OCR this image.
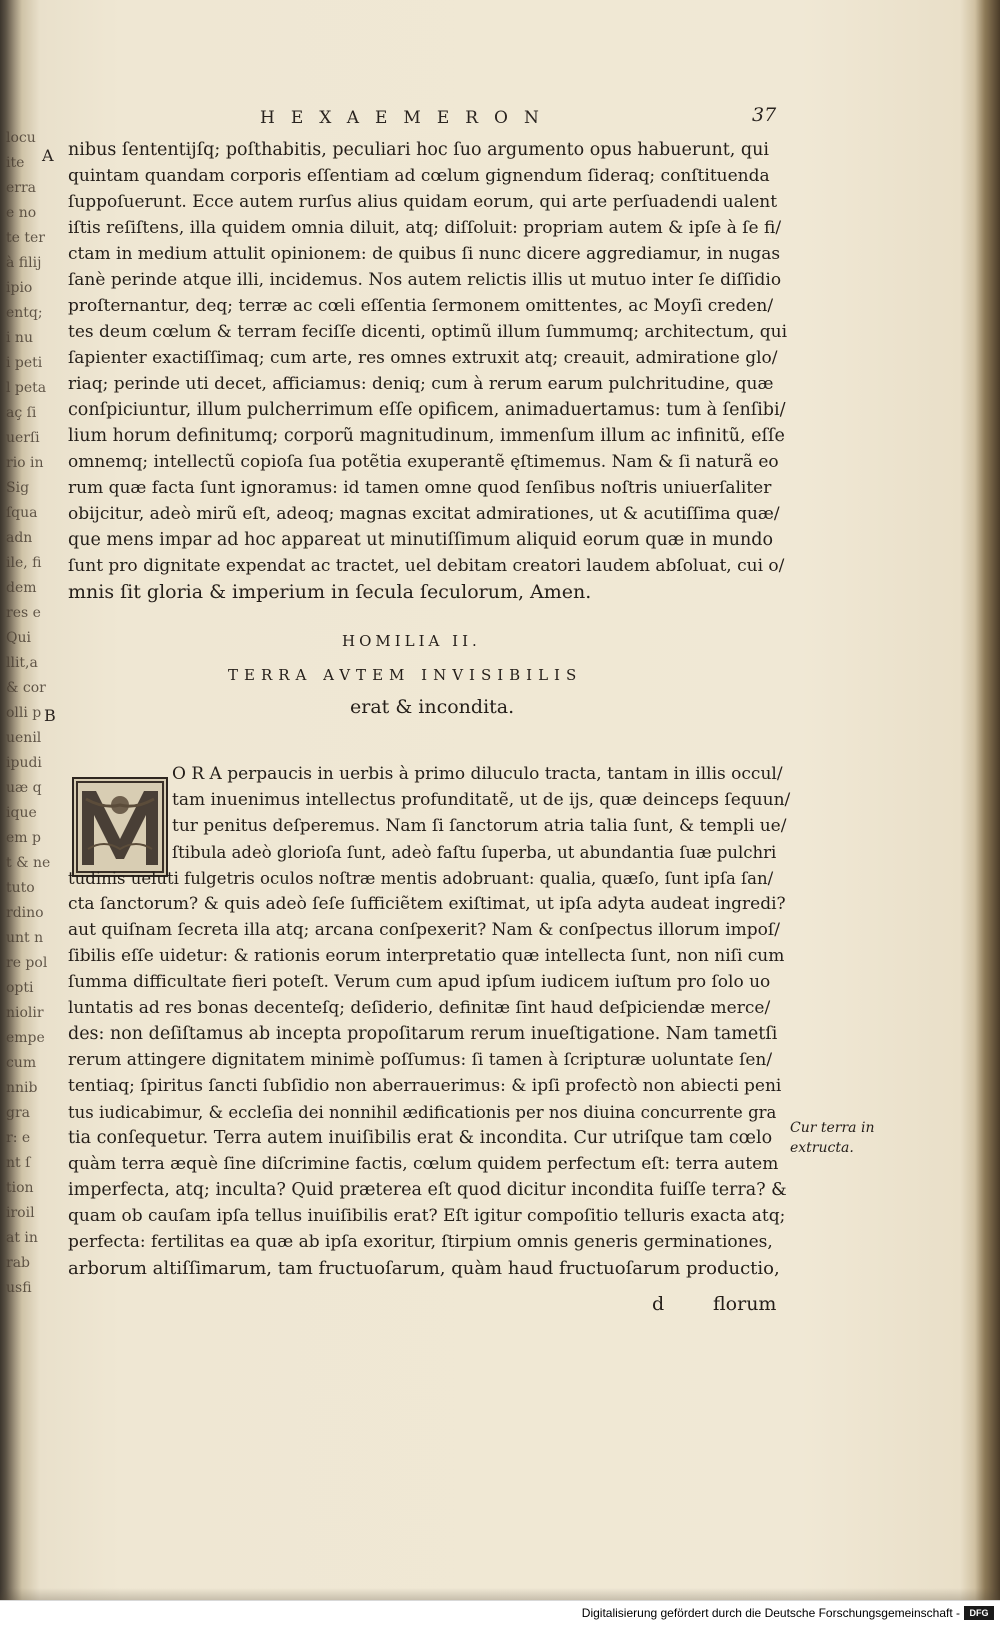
locu
ite
erra
e no
te ter
à filij
ipio
entq;
i nu
i peti
l peta
aç ſi
uerſi
rio in
Sig
ſqua
adn
ile, fi
dem
res e
Qui
llit,a
& cor
olli p
uenil
ipudi
uæ q
ique
em p
t & ne
tuto
rdino
unt n
re pol
opti
niolir
empe
cum
nnib
gra
r: e
nt ſ
tion
iroil
at in
rab
usfi
HEXAEMERON	37
A nibus ſententijſq; poſthabitis, peculiari hoc ſuo argumento opus habuerunt, qui
quintam quandam corporis eſſentiam ad cœlum gignendum ſideraq; conſtituenda
ſuppoſuerunt. Ecce autem rurſus alius quidam eorum, qui arte perſuadendi ualent
iſtis reſiſtens, illa quidem omnia diluit, atq; diſſoluit: propriam autem & ipſe à ſe fi/
ctam in medium attulit opinionem: de quibus ſi nunc dicere aggrediamur, in nugas
ſanè perinde atque illi, incidemus. Nos autem relictis illis ut mutuo inter ſe diſſidio
proſternantur, deq; terræ ac cœli eſſentia ſermonem omittentes, ac Moyſi creden/
tes deum cœlum & terram feciſſe dicenti, optimũ illum ſummumq; architectum, qui
ſapienter exactiſſimaq; cum arte, res omnes extruxit atq; creauit, admiratione glo/
riaq; perinde uti decet, afficiamus: deniq; cum à rerum earum pulchritudine, quæ
conſpiciuntur, illum pulcherrimum eſſe opificem, animaduertamus: tum à ſenſibi/
lium horum definitumq; corporũ magnitudinum, immenſum illum ac infinitũ, eſſe
omnemq; intellectũ copioſa ſua potẽtia exuperantẽ ęſtimemus. Nam & ſi naturã eo
rum quæ facta ſunt ignoramus: id tamen omne quod ſenſibus noſtris uniuerſaliter
obijcitur, adeò mirũ eſt, adeoq; magnas excitat admirationes, ut & acutiſſima quæ/
que mens impar ad hoc appareat ut minutiſſimum aliquid eorum quæ in mundo
ſunt pro dignitate expendat ac tractet, uel debitam creatori laudem abſoluat, cui o/
mnis ſit gloria & imperium in ſecula ſeculorum, Amen.
HOMILIA II.
TERRA AVTEM INVISIBILIS
erat & incondita.
B
O R A perpaucis in uerbis à primo diluculo tracta, tantam in illis occul/
tam inuenimus intellectus profunditatẽ, ut de ijs, quæ deinceps ſequun/
tur penitus deſperemus. Nam ſi ſanctorum atria talia ſunt, & templi ue/
ſtibula adeò glorioſa ſunt, adeò faſtu ſuperba, ut abundantia ſuæ pulchri
tudinis ueluti fulgetris oculos noſtræ mentis adobruant: qualia, quæſo, ſunt ipſa ſan/
cta ſanctorum? & quis adeò ſeſe ſufficiẽtem exiſtimat, ut ipſa adyta audeat ingredi?
aut quiſnam ſecreta illa atq; arcana conſpexerit? Nam & conſpectus illorum impoſ/
ſibilis eſſe uidetur: & rationis eorum interpretatio quæ intellecta ſunt, non niſi cum
ſumma difficultate fieri poteſt. Verum cum apud ipſum iudicem iuſtum pro ſolo uo
luntatis ad res bonas decenteſq; deſiderio, definitæ ſint haud deſpiciendæ merce/
des: non deſiſtamus ab incepta propoſitarum rerum inueſtigatione. Nam tametſi
rerum attingere dignitatem minimè poſſumus: ſi tamen à ſcripturæ uoluntate ſen/
tentiaq; ſpiritus ſancti ſubſidio non aberrauerimus: & ipſi profectò non abiecti peni
tus iudicabimur, & eccleſia dei nonnihil ædificationis per nos diuina concurrente gra
tia conſequetur. Terra autem inuiſibilis erat & incondita. Cur utriſque tam cœlo
quàm terra æquè ſine diſcrimine factis, cœlum quidem perfectum eſt: terra autem
imperfecta, atq; inculta? Quid præterea eſt quod dicitur incondita fuiſſe terra? &
quam ob cauſam ipſa tellus inuiſibilis erat? Eſt igitur compoſitio telluris exacta atq;
perfecta: fertilitas ea quæ ab ipſa exoritur, ſtirpium omnis generis germinationes,
arborum altiſſimarum, tam fructuoſarum, quàm haud fructuoſarum productio,
Cur terra in
extructa.
d	florum
Digitalisierung gefördert durch die Deutsche Forschungsgemeinschaft -	DFG
